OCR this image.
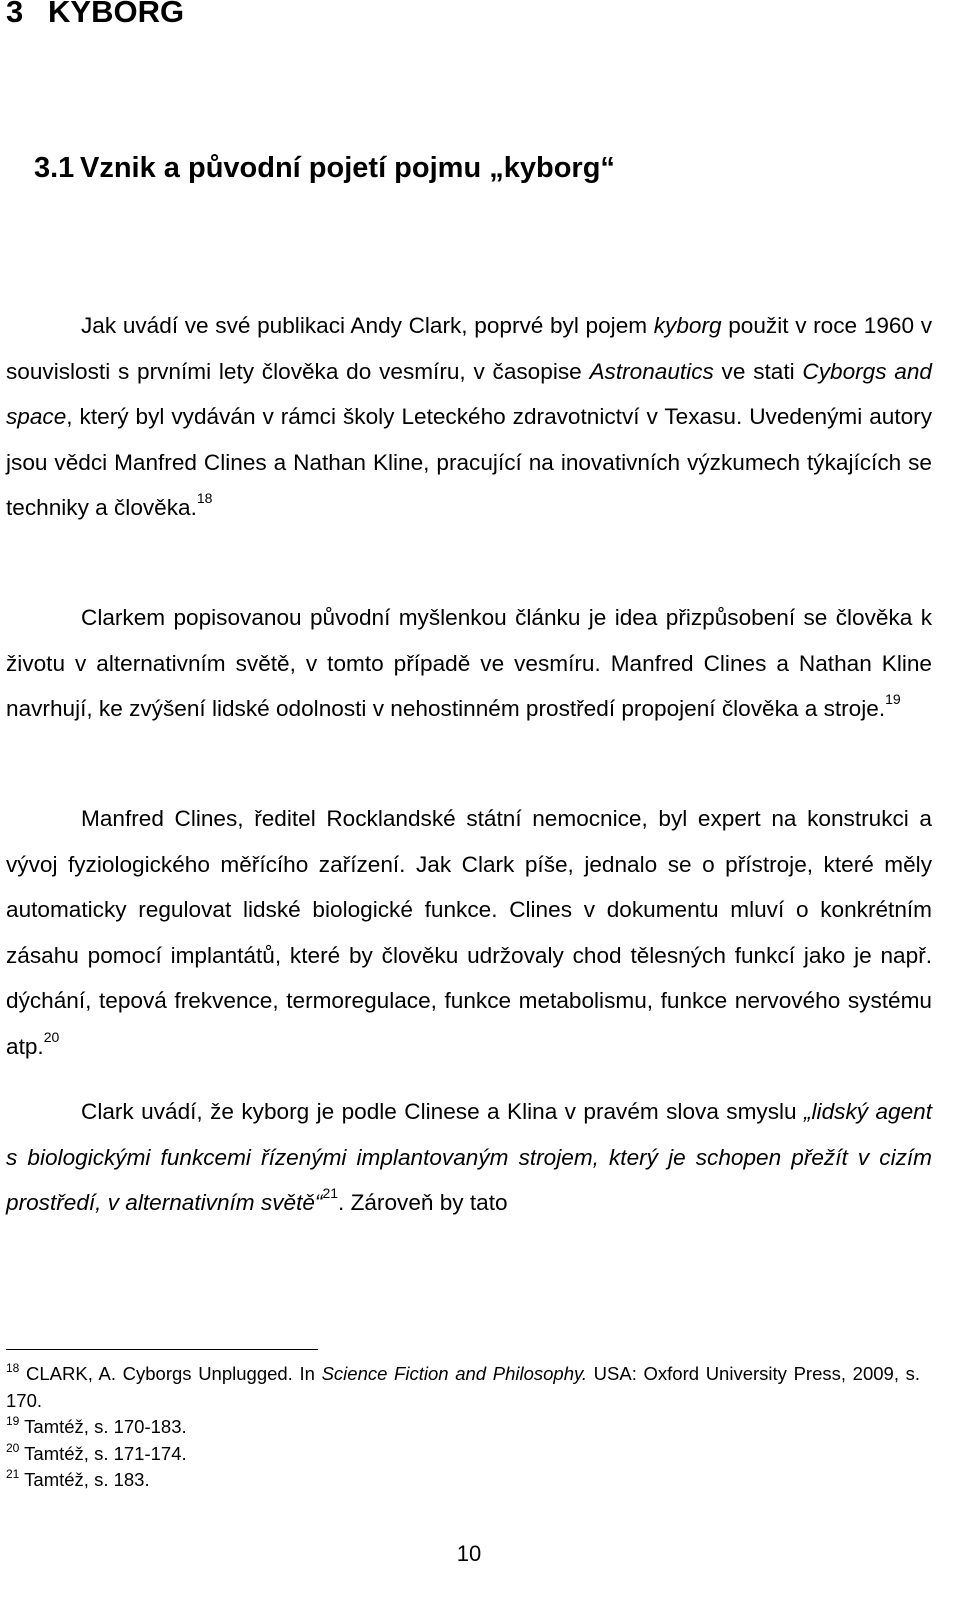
3 KYBORG
3.1 Vznik a původní pojetí pojmu „kyborg“

Jak uvádí ve své publikaci Andy Clark, poprvé byl pojem kyborg použit v roce 1960 v souvislosti s prvními lety člověka do vesmíru, v časopise Astronautics ve stati Cyborgs and space, který byl vydáván v rámci školy Leteckého zdravotnictví v Texasu. Uvedenými autory jsou vědci Manfred Clines a Nathan Kline, pracující na inovativních výzkumech týkajících se techniky a člověka.$^{18}$

Clarkem popisovanou původní myšlenkou článku je idea přizpůsobení se člověka k životu v alternativním světě, v tomto případě ve vesmíru. Manfred Clines a Nathan Kline navrhují, ke zvýšení lidské odolnosti v nehostinném prostředí propojení člověka a stroje.$^{19}$

Manfred Clines, ředitel Rocklandské státní nemocnice, byl expert na konstrukci a vývoj fyziologického měřícího zařízení. Jak Clark píše, jednalo se o přístroje, které měly automaticky regulovat lidské biologické funkce. Clines v dokumentu mluví o konkrétním zásahu pomocí implantátů, které by člověku udržovaly chod tělesných funkcí jako je např. dýchání, tepová frekvence, termoregulace, funkce metabolismu, funkce nervového systému atp.$^{20}$

Clark uvádí, že kyborg je podle Clinese a Klina v pravém slova smyslu „lidský agent s biologickými funkcemi řízenými implantovaným strojem, který je schopen přežít v cizím prostředí, v alternativním světě“$^{21}$. Zároveň by tato

$^{18}$ CLARK, A. Cyborgs Unplugged. In Science Fiction and Philosophy. USA: Oxford University Press, 2009, s. 170.

$^{19}$ Tamtéž, s. 170-183.

$^{20}$ Tamtéž, s. 171-174.

$^{21}$ Tamtéž, s. 183.

10
